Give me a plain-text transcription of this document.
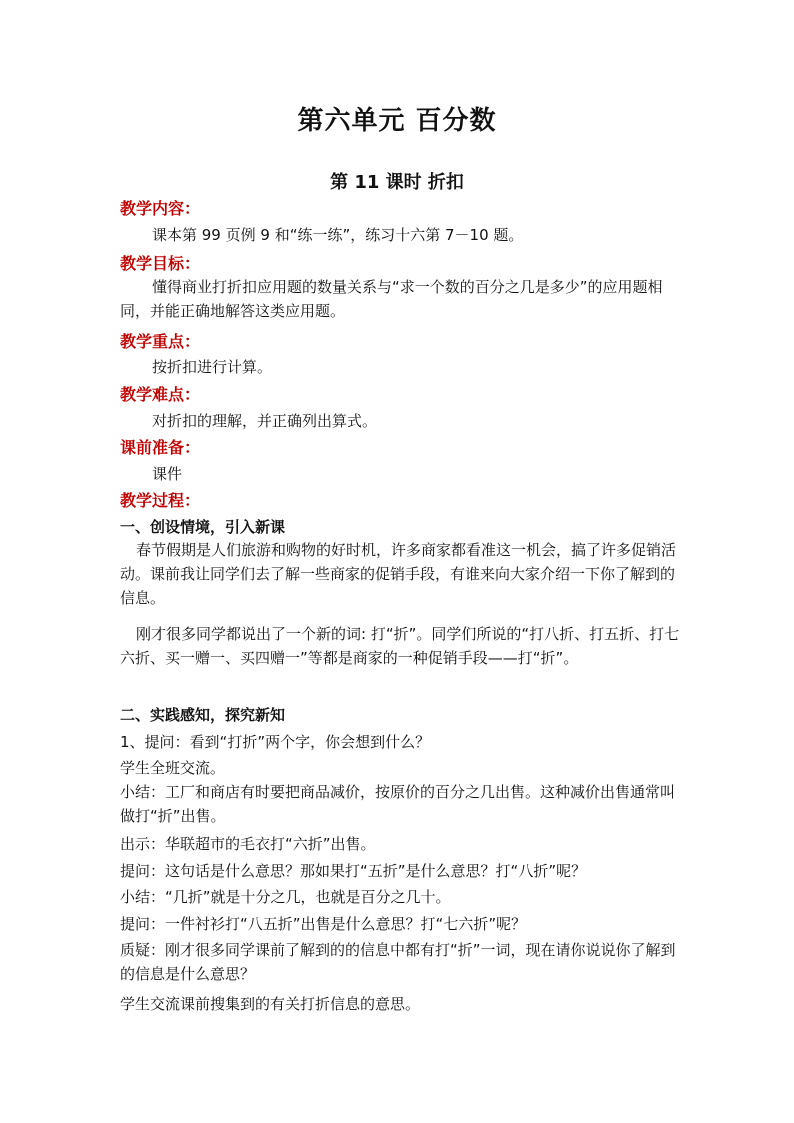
第六单元 百分数
第 11 课时 折扣
教学内容：
课本第 99 页例 9 和“练一练”，练习十六第 7－10 题。
教学目标：

懂得商业打折扣应用题的数量关系与“求一个数的百分之几是多少”的应用题相同，并能正确地解答这类应用题。

教学重点：
按折扣进行计算。
教学难点：
对折扣的理解，并正确列出算式。
课前准备：
课件
教学过程：
一、创设情境，引入新课

春节假期是人们旅游和购物的好时机，许多商家都看准这一机会，搞了许多促销活动。课前我让同学们去了解一些商家的促销手段，有谁来向大家介绍一下你了解到的信息。

刚才很多同学都说出了一个新的词: 打“折”。同学们所说的“打八折、打五折、打七六折、买一赠一、买四赠一”等都是商家的一种促销手段——打“折”。

二、实践感知，探究新知
1、提问：看到“打折”两个字，你会想到什么？
学生全班交流。

小结：工厂和商店有时要把商品减价，按原价的百分之几出售。这种减价出售通常叫做打“折”出售。

出示：华联超市的毛衣打“六折”出售。
提问：这句话是什么意思？那如果打“五折”是什么意思？打“八折”呢？
小结：“几折”就是十分之几，也就是百分之几十。
提问：一件衬衫打“八五折”出售是什么意思？打“七六折”呢？

质疑：刚才很多同学课前了解到的的信息中都有打“折”一词，现在请你说说你了解到的信息是什么意思？

学生交流课前搜集到的有关打折信息的意思。
